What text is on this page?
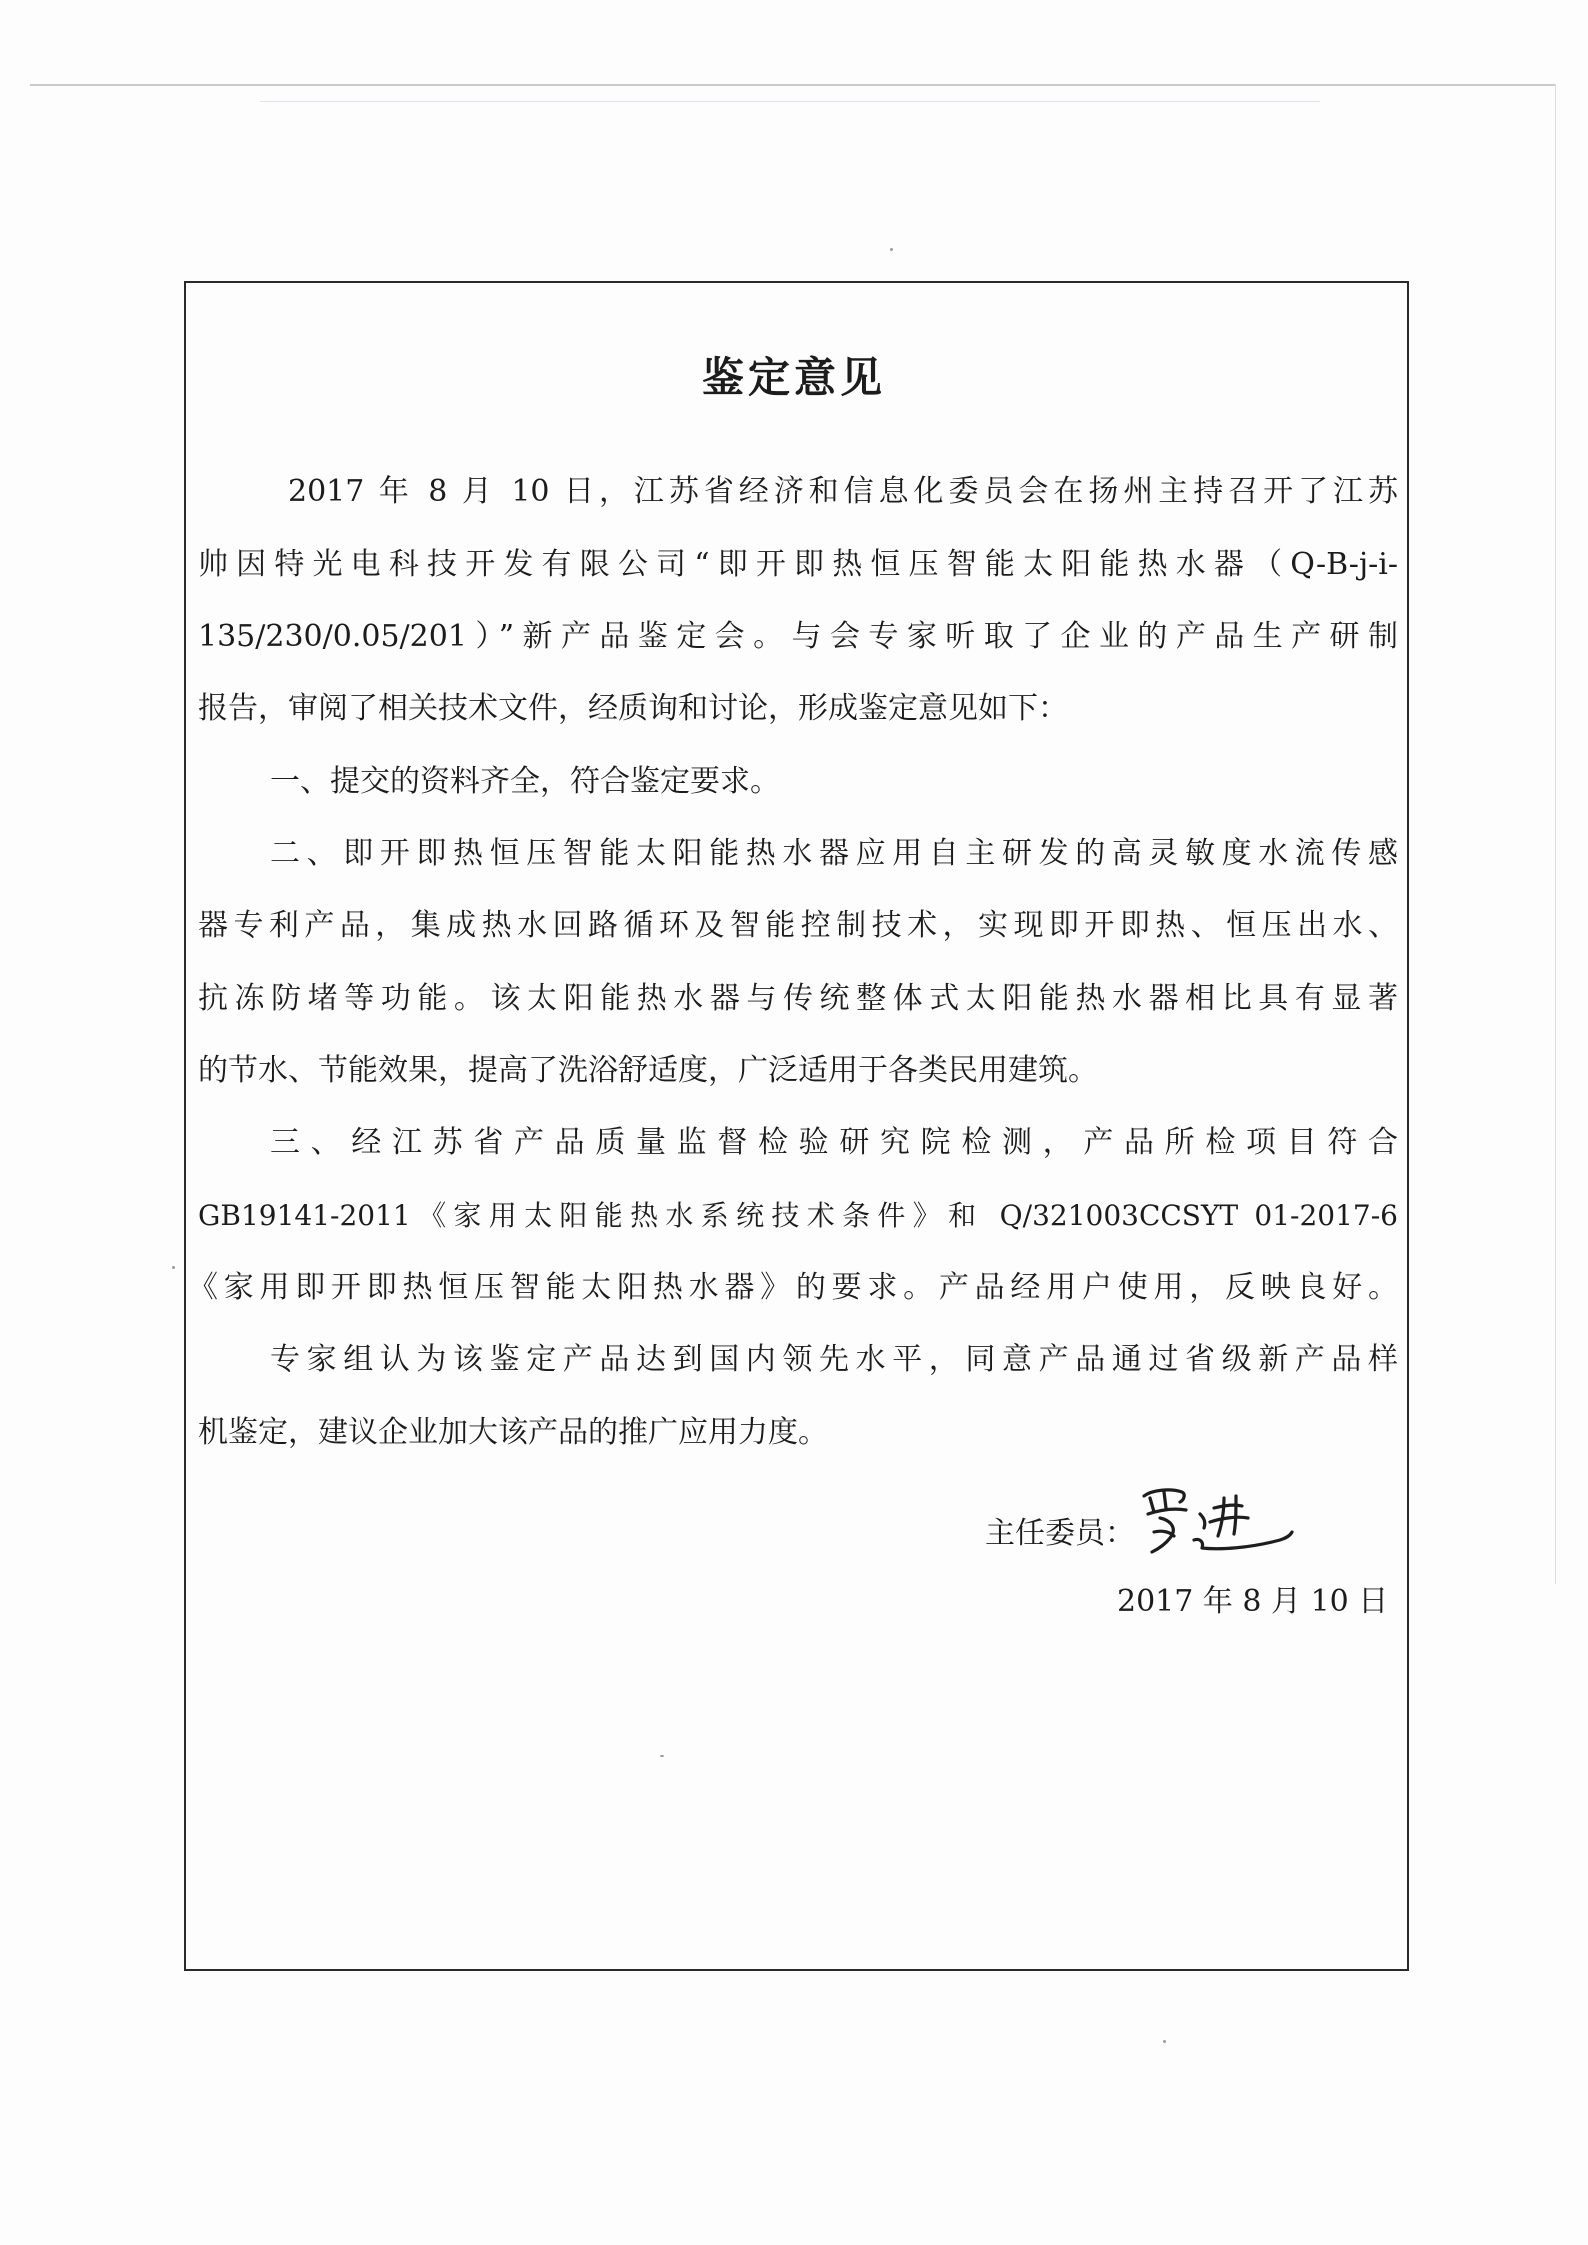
鉴定意见
2017 年 8 月 10 日，江苏省经济和信息化委员会在扬州主持召开了江苏
帅因特光电科技开发有限公司“即开即热恒压智能太阳能热水器（Q-B-j-i-
135/230/0.05/201）”新产品鉴定会。与会专家听取了企业的产品生产研制
报告，审阅了相关技术文件，经质询和讨论，形成鉴定意见如下：
一、提交的资料齐全，符合鉴定要求。
二、即开即热恒压智能太阳能热水器应用自主研发的高灵敏度水流传感
器专利产品，集成热水回路循环及智能控制技术，实现即开即热、恒压出水、
抗冻防堵等功能。该太阳能热水器与传统整体式太阳能热水器相比具有显著
的节水、节能效果，提高了洗浴舒适度，广泛适用于各类民用建筑。
三、经江苏省产品质量监督检验研究院检测，产品所检项目符合
GB19141-2011《家用太阳能热水系统技术条件》和 Q/321003CCSYT 01-2017-6
《家用即开即热恒压智能太阳热水器》的要求。产品经用户使用，反映良好。
专家组认为该鉴定产品达到国内领先水平，同意产品通过省级新产品样
机鉴定，建议企业加大该产品的推广应用力度。
主任委员：
2017 年 8 月 10 日
